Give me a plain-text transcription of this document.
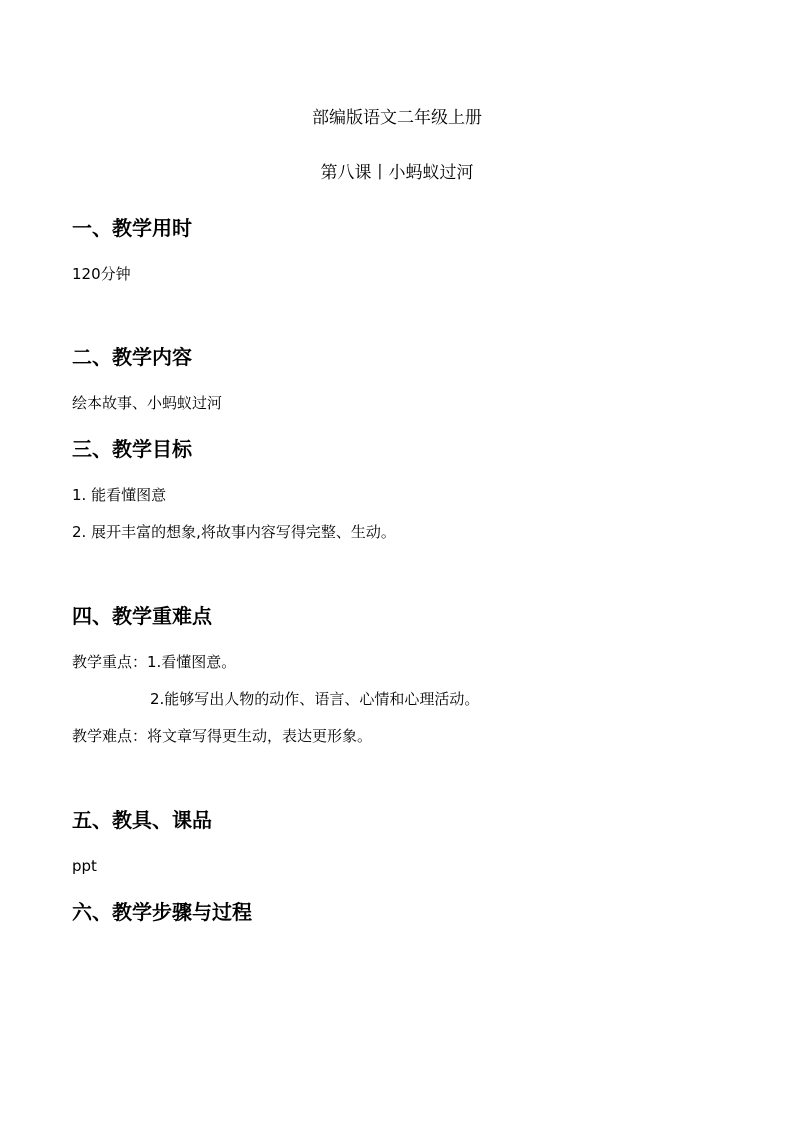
部编版语文二年级上册
第八课丨小蚂蚁过河
一、教学用时
120分钟
二、教学内容
绘本故事、小蚂蚁过河
三、教学目标
1. 能看懂图意
2. 展开丰富的想象,将故事内容写得完整、生动。
四、教学重难点
教学重点：1.看懂图意。
2.能够写出人物的动作、语言、心情和心理活动。
教学难点：将文章写得更生动，表达更形象。
五、教具、课品
ppt
六、教学步骤与过程
